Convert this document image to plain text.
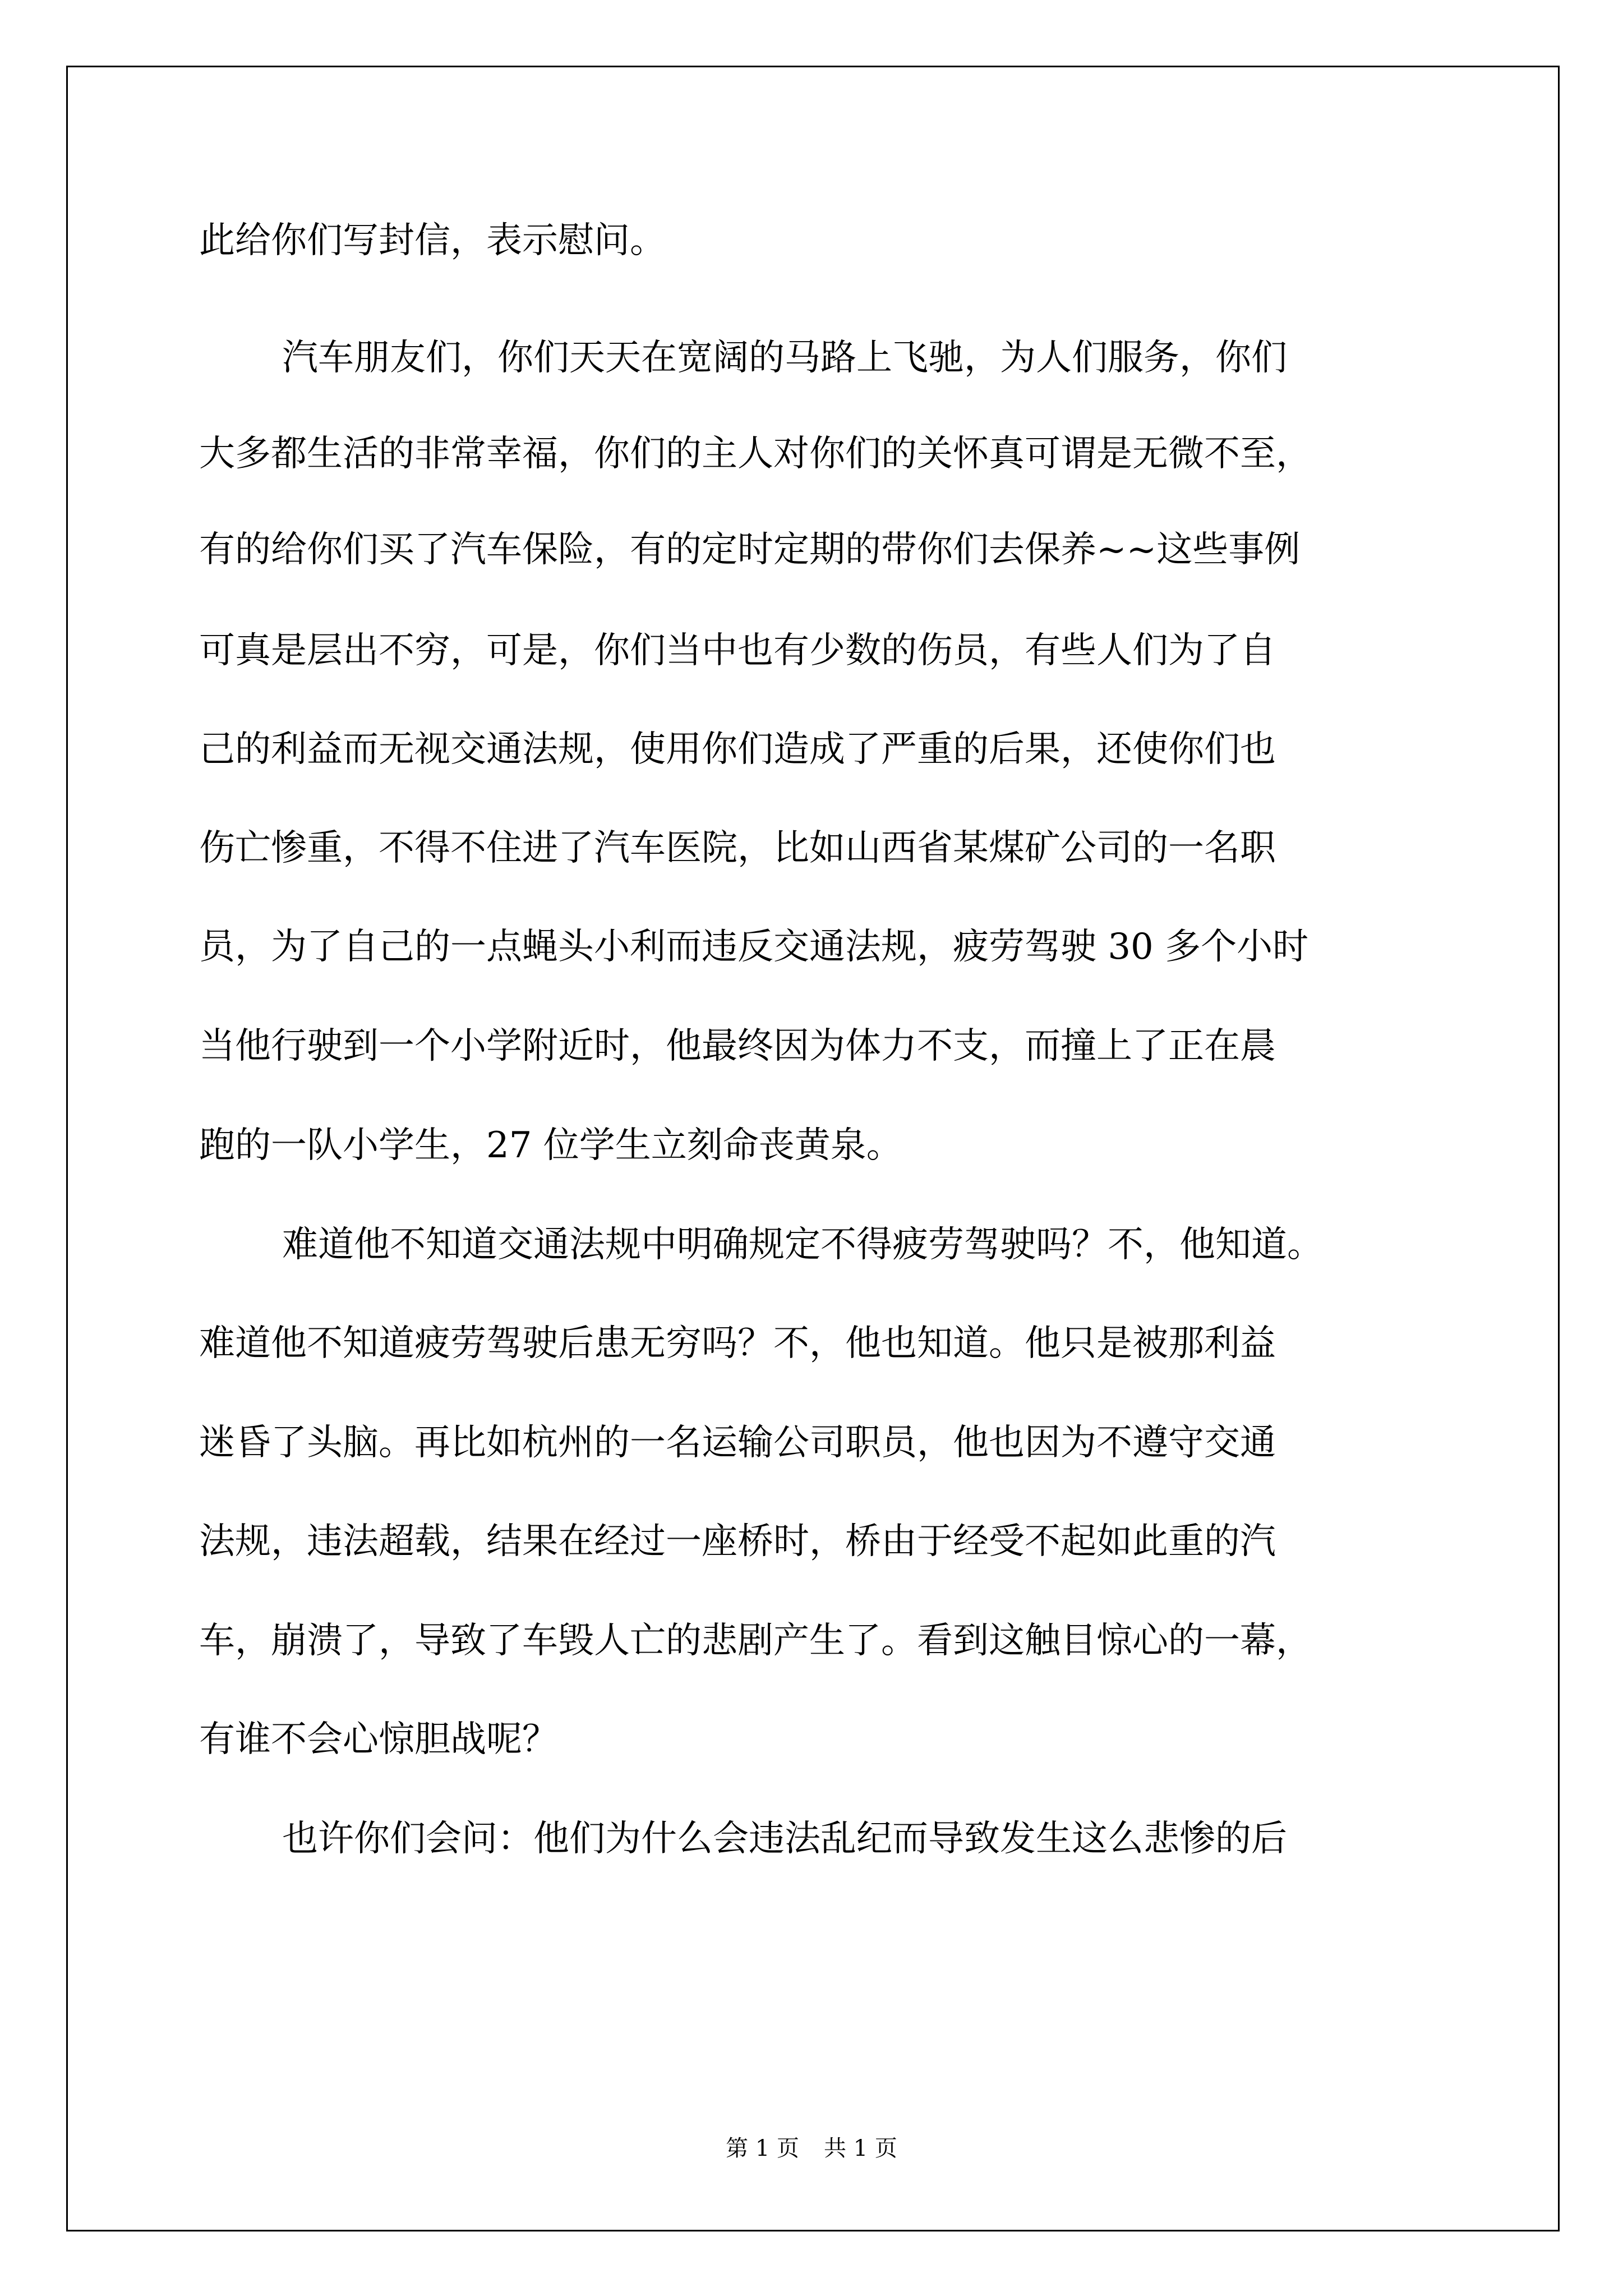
此给你们写封信，表示慰问。
汽车朋友们，你们天天在宽阔的马路上飞驰，为人们服务，你们
大多都生活的非常幸福，你们的主人对你们的关怀真可谓是无微不至，
有的给你们买了汽车保险，有的定时定期的带你们去保养~~这些事例
可真是层出不穷，可是，你们当中也有少数的伤员，有些人们为了自
己的利益而无视交通法规，使用你们造成了严重的后果，还使你们也
伤亡惨重，不得不住进了汽车医院，比如山西省某煤矿公司的一名职
员，为了自己的一点蝇头小利而违反交通法规，疲劳驾驶 30 多个小时
当他行驶到一个小学附近时，他最终因为体力不支，而撞上了正在晨
跑的一队小学生，27 位学生立刻命丧黄泉。
难道他不知道交通法规中明确规定不得疲劳驾驶吗？不，他知道。
难道他不知道疲劳驾驶后患无穷吗？不，他也知道。他只是被那利益
迷昏了头脑。再比如杭州的一名运输公司职员，他也因为不遵守交通
法规，违法超载，结果在经过一座桥时，桥由于经受不起如此重的汽
车，崩溃了，导致了车毁人亡的悲剧产生了。看到这触目惊心的一幕，
有谁不会心惊胆战呢？
也许你们会问：他们为什么会违法乱纪而导致发生这么悲惨的后
第 1 页 共 1 页
